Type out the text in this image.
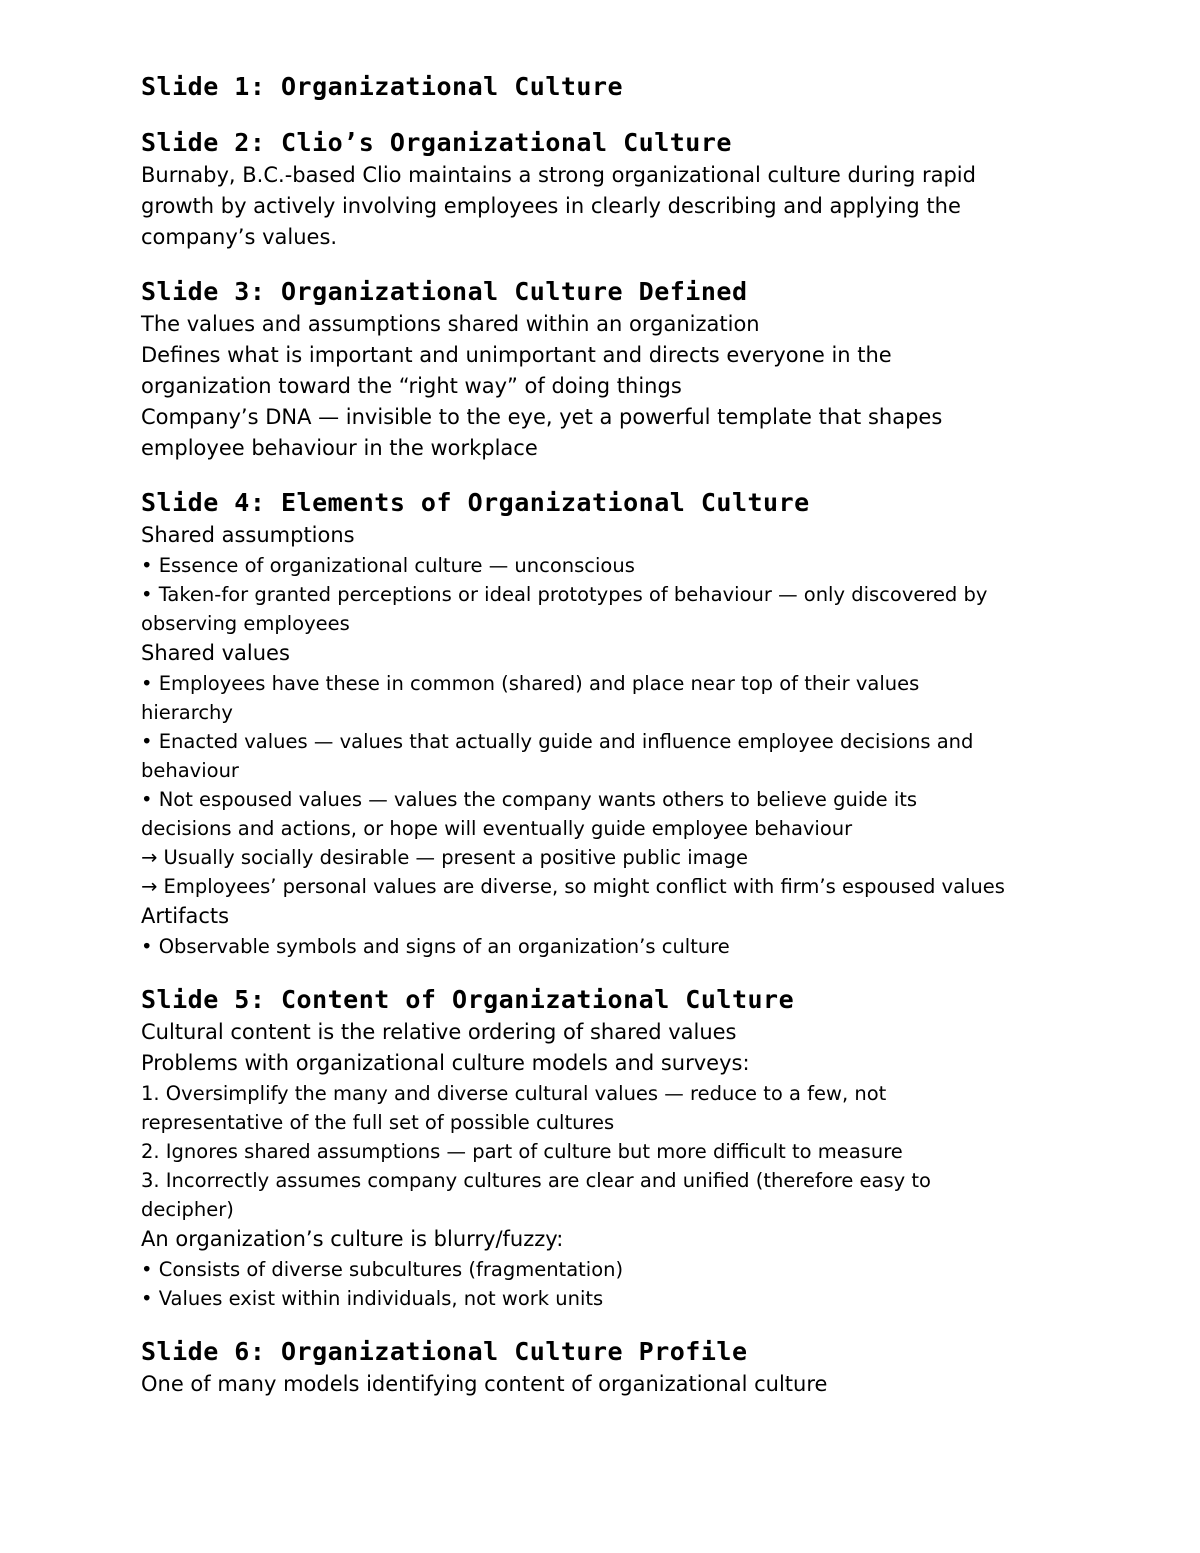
Slide 1: Organizational Culture
Slide 2: Clio’s Organizational Culture

Burnaby, B.C.-based Clio maintains a strong organizational culture during rapid

growth by actively involving employees in clearly describing and applying the

company’s values.

Slide 3: Organizational Culture Defined

The values and assumptions shared within an organization

Defines what is important and unimportant and directs everyone in the

organization toward the “right way” of doing things

Company’s DNA — invisible to the eye, yet a powerful template that shapes

employee behaviour in the workplace

Slide 4: Elements of Organizational Culture

Shared assumptions

• Essence of organizational culture — unconscious

• Taken-for granted perceptions or ideal prototypes of behaviour — only discovered by

observing employees

Shared values

• Employees have these in common (shared) and place near top of their values

hierarchy

• Enacted values — values that actually guide and influence employee decisions and

behaviour

• Not espoused values — values the company wants others to believe guide its

decisions and actions, or hope will eventually guide employee behaviour

→ Usually socially desirable — present a positive public image

→ Employees’ personal values are diverse, so might conflict with firm’s espoused values

Artifacts

• Observable symbols and signs of an organization’s culture

Slide 5: Content of Organizational Culture

Cultural content is the relative ordering of shared values

Problems with organizational culture models and surveys:

1. Oversimplify the many and diverse cultural values — reduce to a few, not

representative of the full set of possible cultures

2. Ignores shared assumptions — part of culture but more difficult to measure

3. Incorrectly assumes company cultures are clear and unified (therefore easy to

decipher)

An organization’s culture is blurry/fuzzy:

• Consists of diverse subcultures (fragmentation)

• Values exist within individuals, not work units

Slide 6: Organizational Culture Profile

One of many models identifying content of organizational culture
